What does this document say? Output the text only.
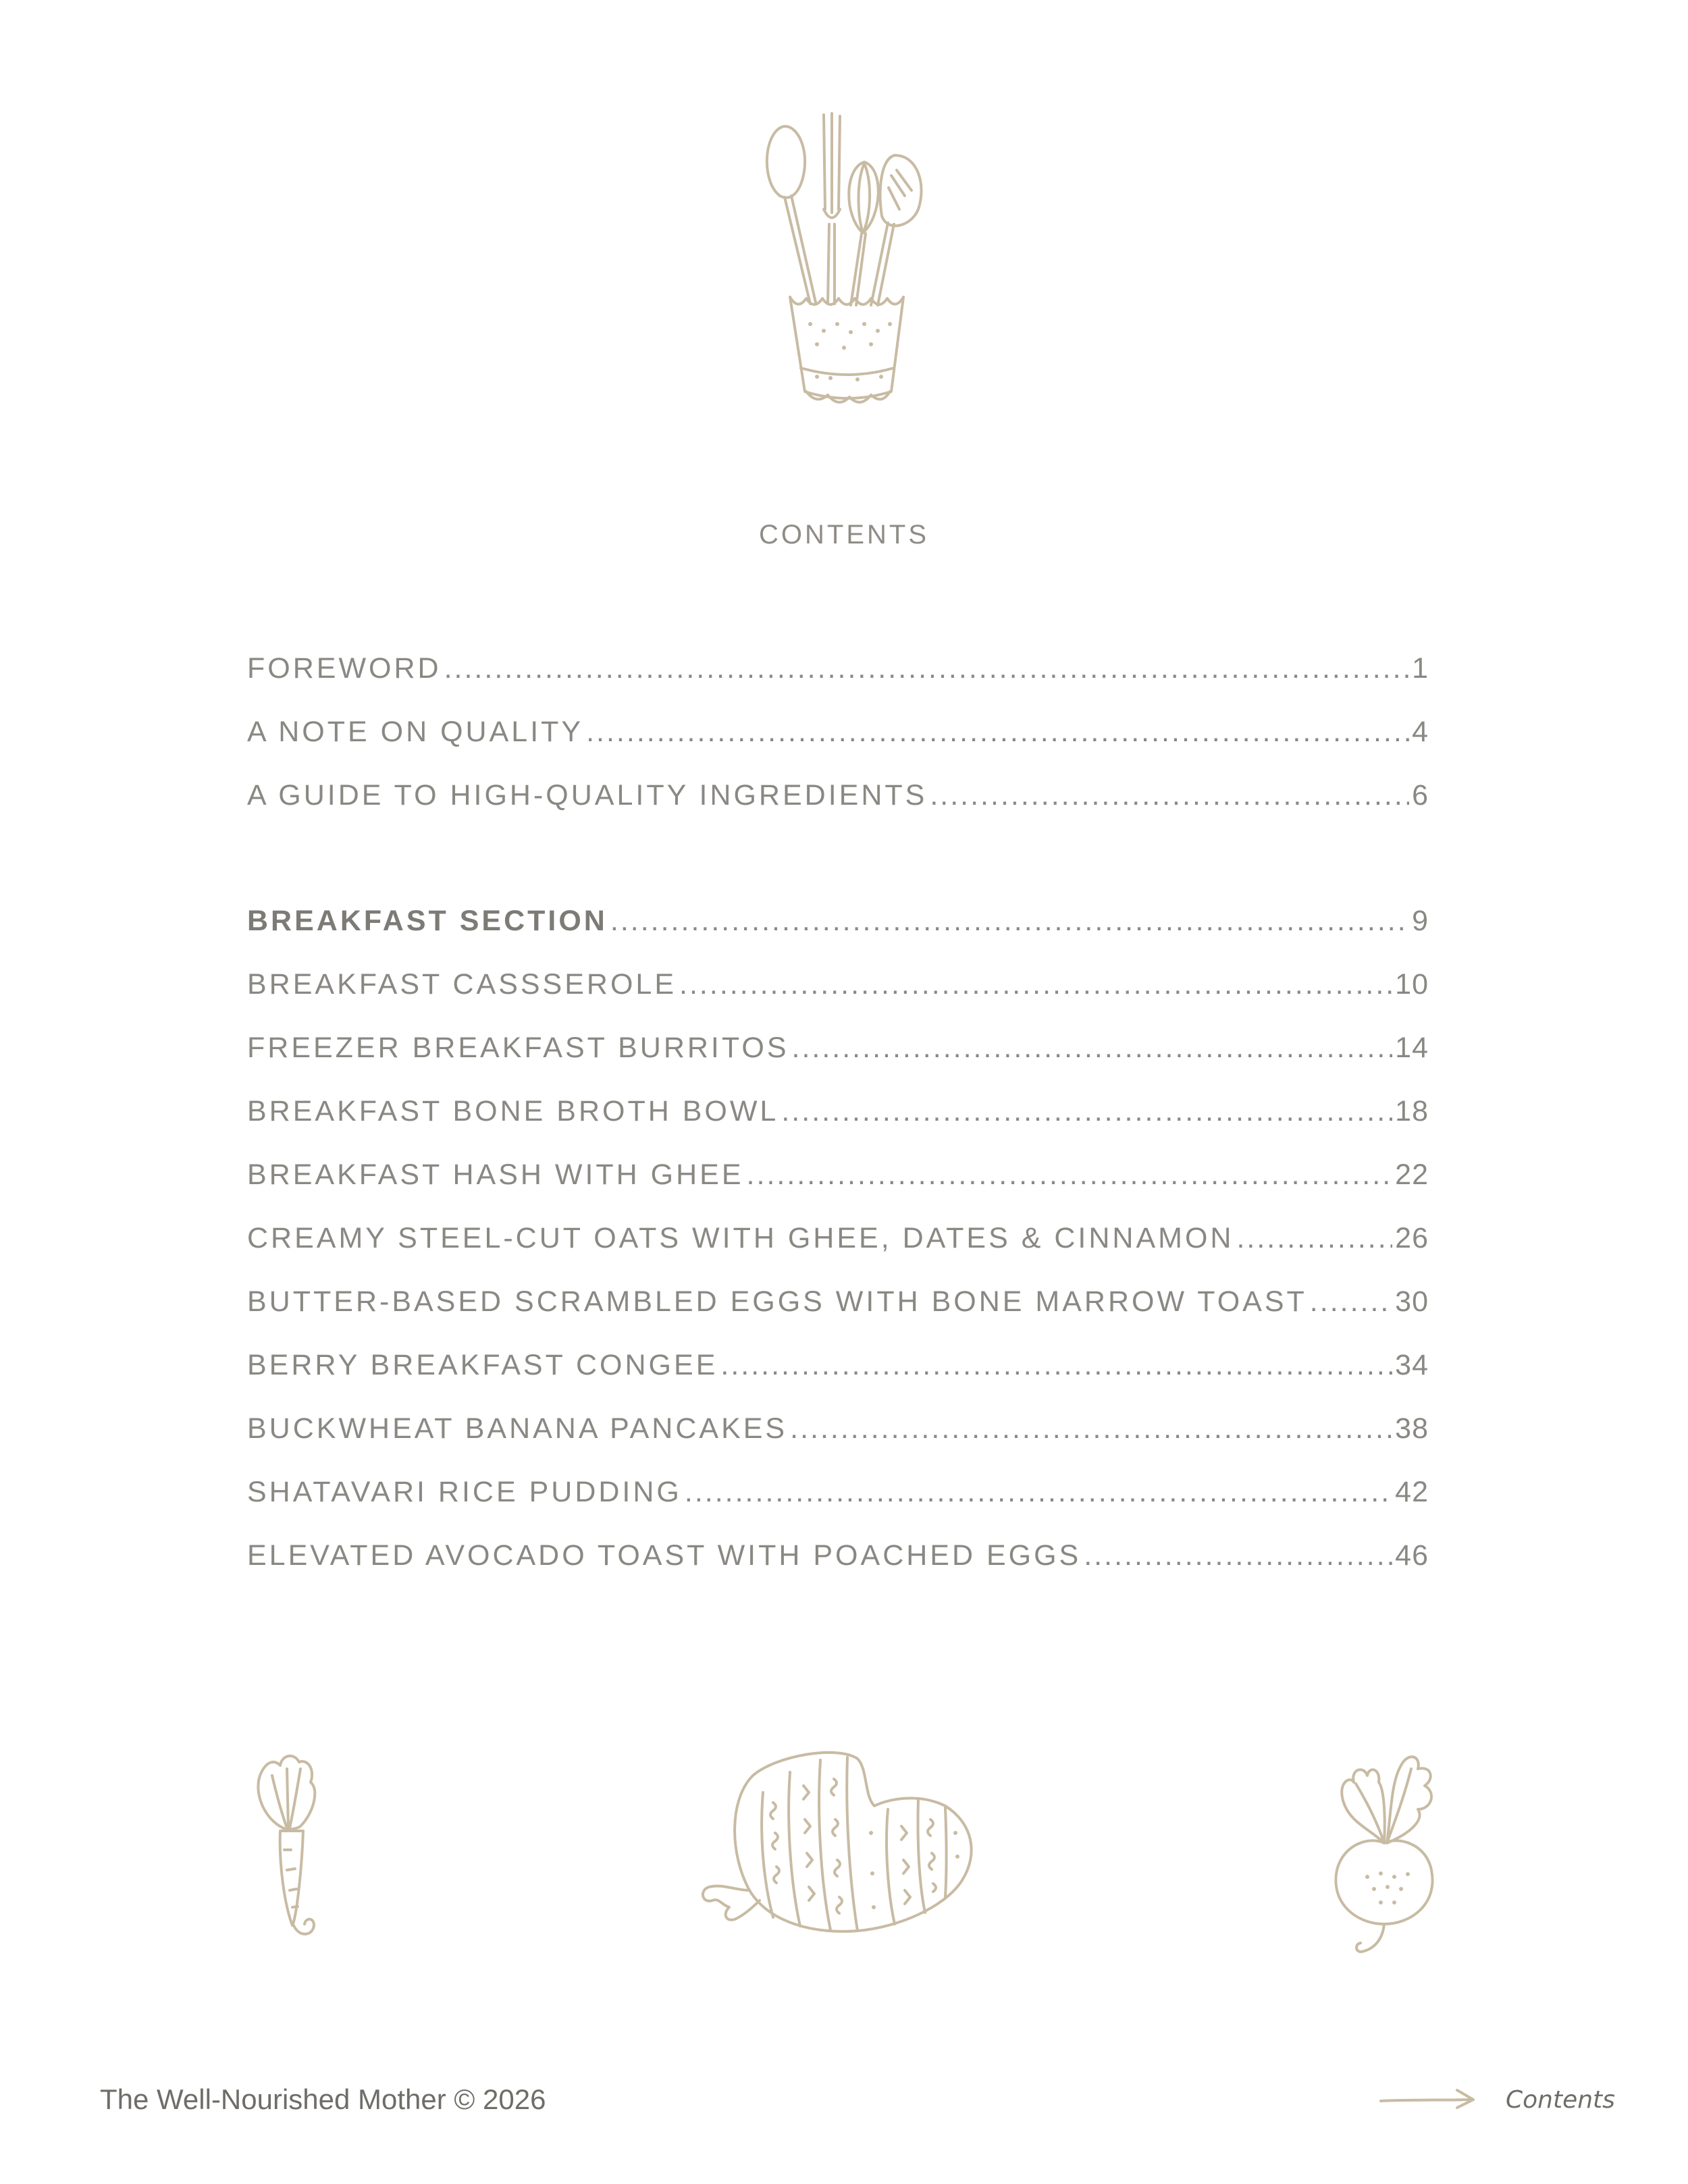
CONTENTS
FOREWORD .....	1
A NOTE ON QUALITY .....	4
A GUIDE TO HIGH-QUALITY INGREDIENTS .....	6
BREAKFAST SECTION .....	9
BREAKFAST CASSSEROLE .....	10
FREEZER BREAKFAST BURRITOS .....	14
BREAKFAST BONE BROTH BOWL .....	18
BREAKFAST HASH WITH GHEE .....	22
CREAMY STEEL-CUT OATS WITH GHEE, DATES & CINNAMON .....	26
BUTTER-BASED SCRAMBLED EGGS WITH BONE MARROW TOAST .....	30
BERRY BREAKFAST CONGEE .....	34
BUCKWHEAT BANANA PANCAKES .....	38
SHATAVARI RICE PUDDING .....	42
ELEVATED AVOCADO TOAST WITH POACHED EGGS .....	46
The Well-Nourished Mother © 2026	Contents
